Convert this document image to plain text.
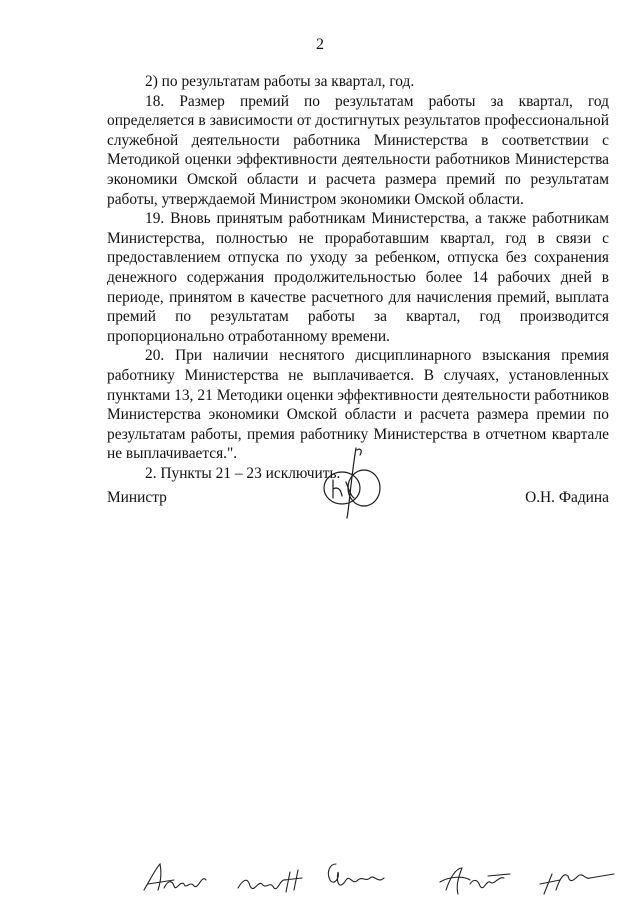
2

2) по результатам работы за квартал, год.

18. Размер премий по результатам работы за квартал, год определяется в зависимости от достигнутых результатов профессиональной служебной деятельности работника Министерства в соответствии с Методикой оценки эффективности деятельности работников Министерства экономики Омской области и расчета размера премий по результатам работы, утверждаемой Министром экономики Омской области.

19. Вновь принятым работникам Министерства, а также работникам Министерства, полностью не проработавшим квартал, год в связи с предоставлением отпуска по уходу за ребенком, отпуска без сохранения денежного содержания продолжительностью более 14 рабочих дней в периоде, принятом в качестве расчетного для начисления премий, выплата премий по результатам работы за квартал, год производится пропорционально отработанному времени.

20. При наличии неснятого дисциплинарного взыскания премия работнику Министерства не выплачивается. В случаях, установленных пунктами 13, 21 Методики оценки эффективности деятельности работников Министерства экономики Омской области и расчета размера премии по результатам работы, премия работнику Министерства в отчетном квартале не выплачивается.".

2. Пункты 21 – 23 исключить.

Министр	О.Н. Фадина
